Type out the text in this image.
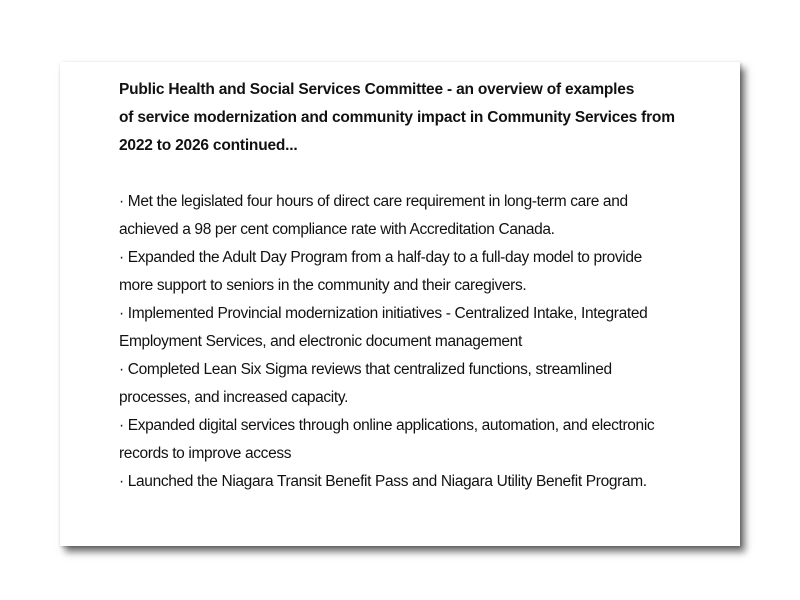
Public Health and Social Services Committee - an overview of examples
of service modernization and community impact in Community Services from
2022 to 2026 continued...
· Met the legislated four hours of direct care requirement in long-term care and
achieved a 98 per cent compliance rate with Accreditation Canada.
· Expanded the Adult Day Program from a half-day to a full-day model to provide
more support to seniors in the community and their caregivers.
· Implemented Provincial modernization initiatives - Centralized Intake, Integrated
Employment Services, and electronic document management
· Completed Lean Six Sigma reviews that centralized functions, streamlined
processes, and increased capacity.
· Expanded digital services through online applications, automation, and electronic
records to improve access
· Launched the Niagara Transit Benefit Pass and Niagara Utility Benefit Program.
